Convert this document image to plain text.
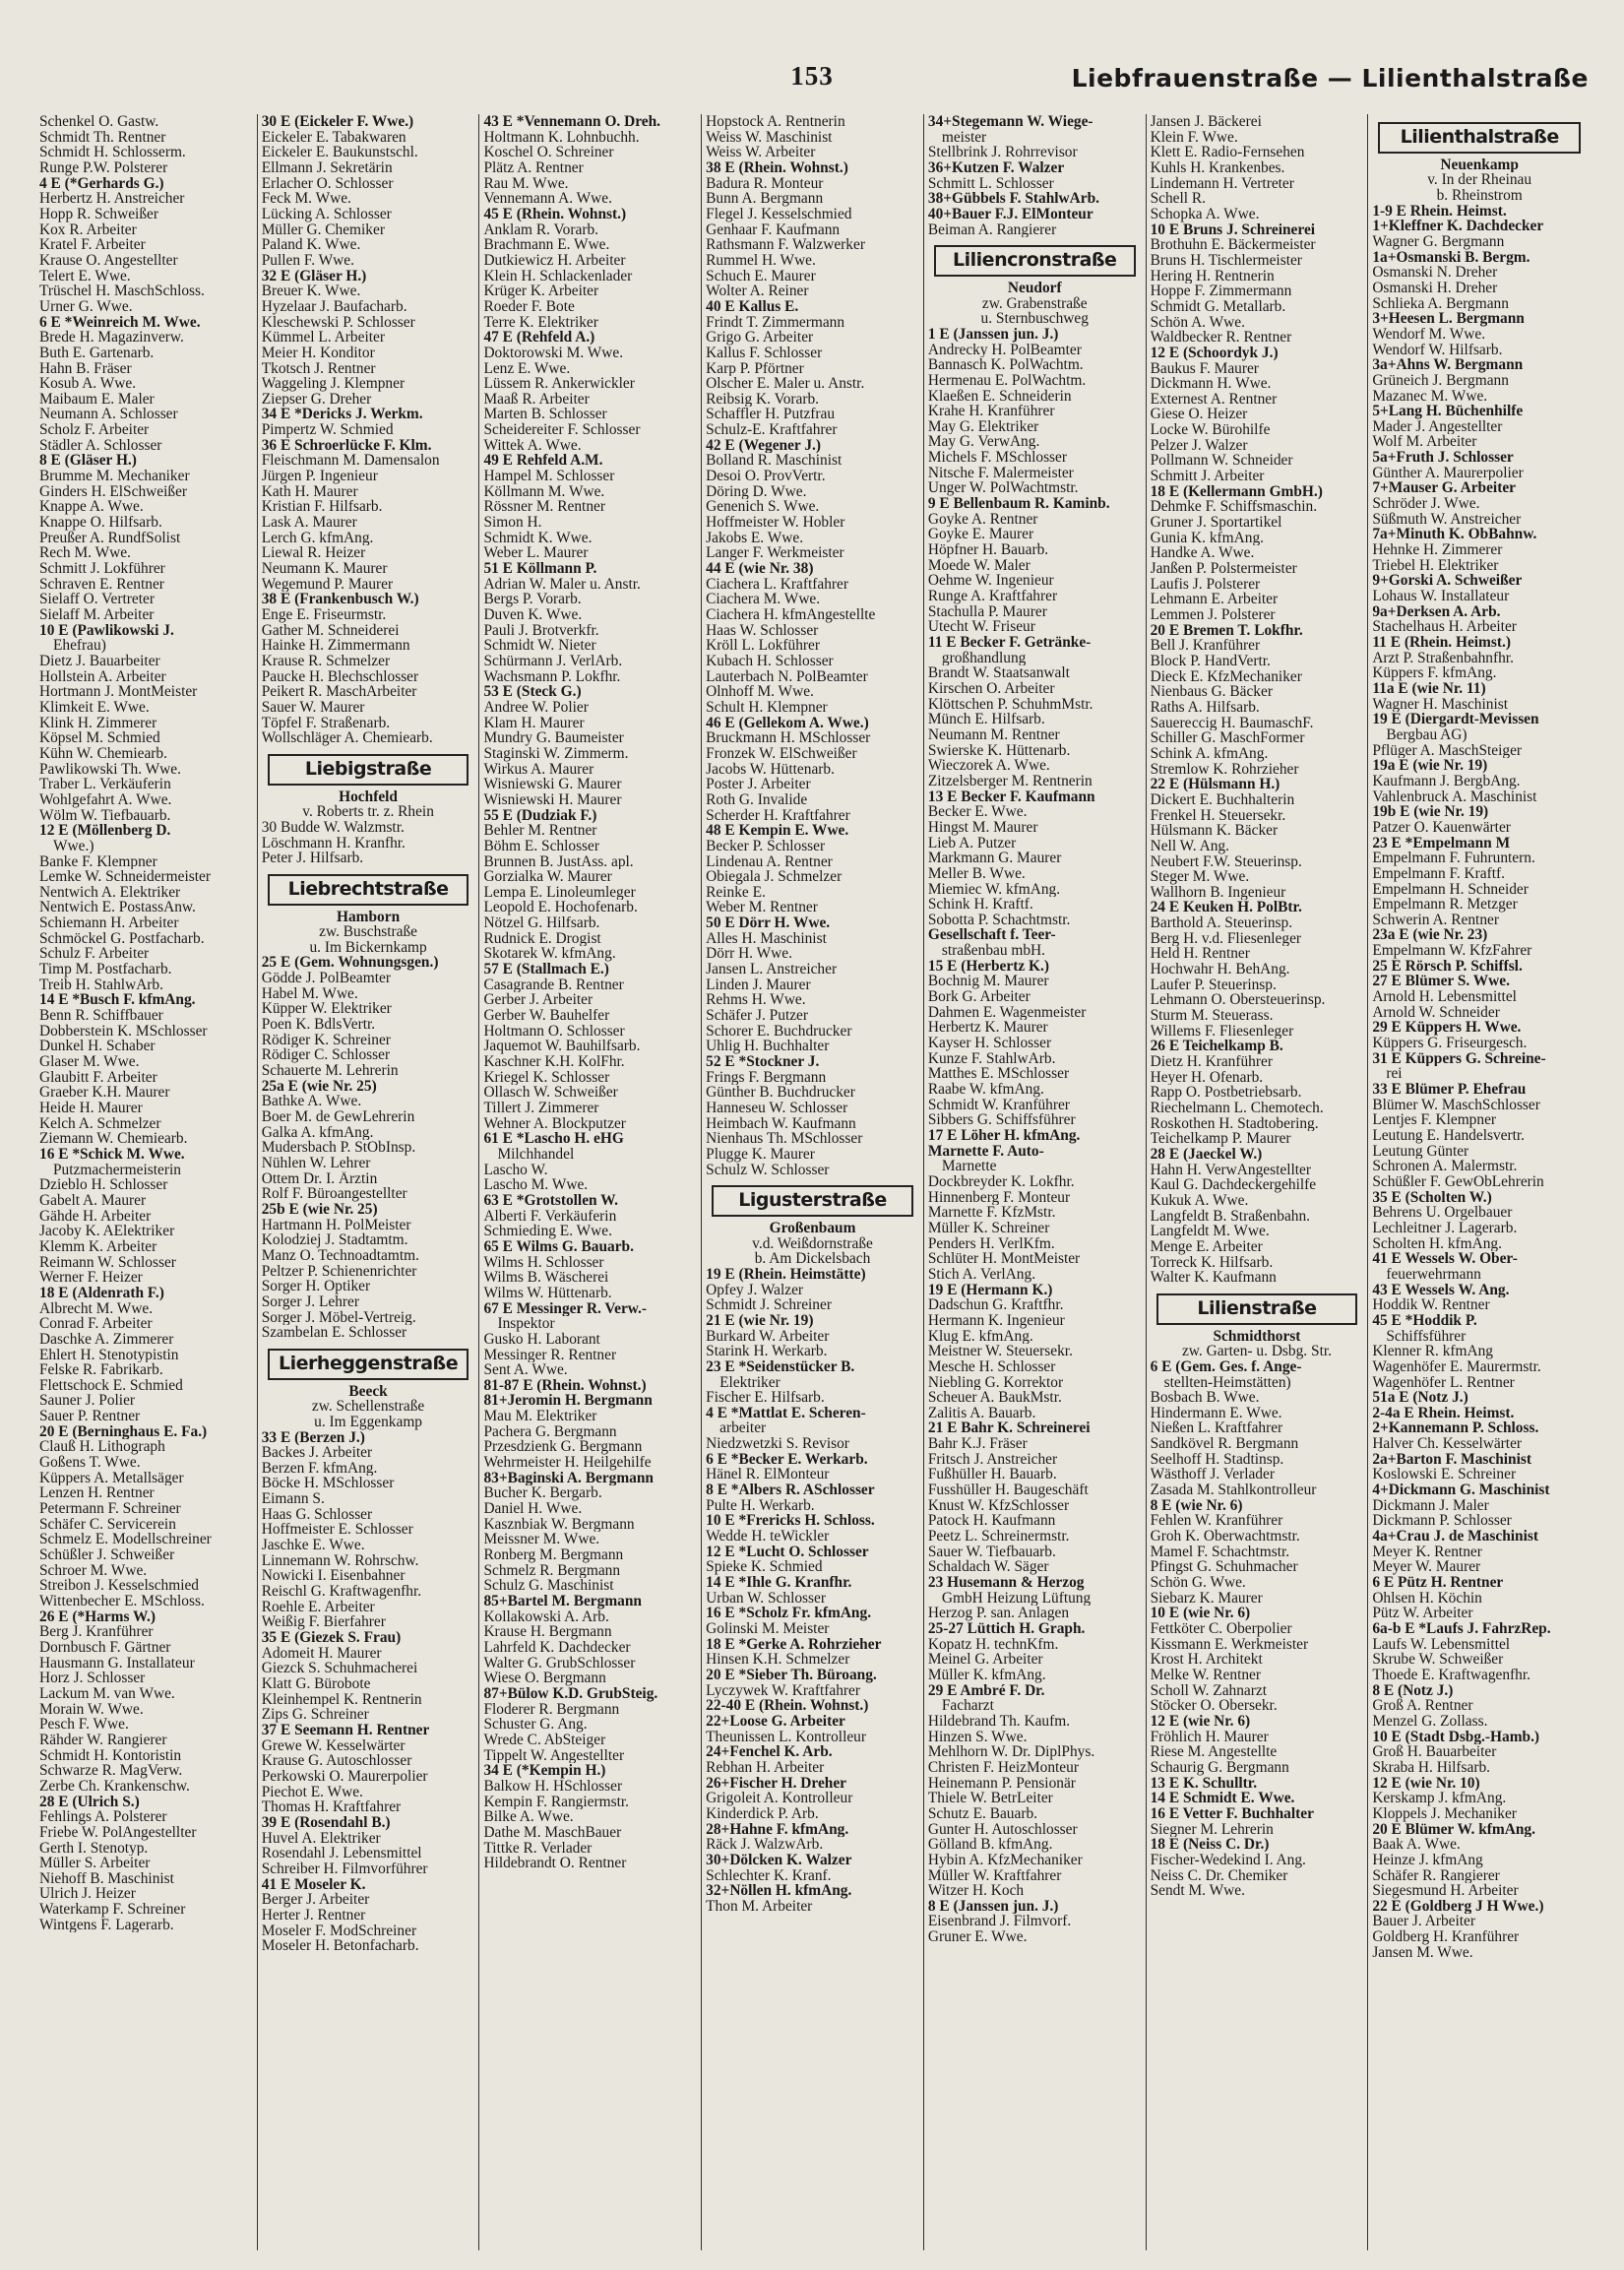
153	Liebfrauenstraße — Lilienthalstraße
Schenkel O. Gastw.
Schmidt Th. Rentner
Schmidt H. Schlosserm.
Runge P.W. Polsterer
4 E (*Gerhards G.)
Herbertz H. Anstreicher
Hopp R. Schweißer
Kox R. Arbeiter
Kratel F. Arbeiter
Krause O. Angestellter
Telert E. Wwe.
Trüschel H. MaschSchloss.
Urner G. Wwe.
6 E *Weinreich M. Wwe.
Brede H. Magazinverw.
Buth E. Gartenarb.
Hahn B. Fräser
Kosub A. Wwe.
Maibaum E. Maler
Neumann A. Schlosser
Scholz F. Arbeiter
Städler A. Schlosser
8 E (Gläser H.)
Brumme M. Mechaniker
Ginders H. ElSchweißer
Knappe A. Wwe.
Knappe O. Hilfsarb.
Preußer A. RundfSolist
Rech M. Wwe.
Schmitt J. Lokführer
Schraven E. Rentner
Sielaff O. Vertreter
Sielaff M. Arbeiter
10 E (Pawlikowski J.
Ehefrau)
Dietz J. Bauarbeiter
Hollstein A. Arbeiter
Hortmann J. MontMeister
Klimkeit E. Wwe.
Klink H. Zimmerer
Köpsel M. Schmied
Kühn W. Chemiearb.
Pawlikowski Th. Wwe.
Traber L. Verkäuferin
Wohlgefahrt A. Wwe.
Wölm W. Tiefbauarb.
12 E (Möllenberg D.
Wwe.)
Banke F. Klempner
Lemke W. Schneidermeister
Nentwich A. Elektriker
Nentwich E. PostassAnw.
Schiemann H. Arbeiter
Schmöckel G. Postfacharb.
Schulz F. Arbeiter
Timp M. Postfacharb.
Treib H. StahlwArb.
14 E *Busch F. kfmAng.
Benn R. Schiffbauer
Dobberstein K. MSchlosser
Dunkel H. Schaber
Glaser M. Wwe.
Glaubitt F. Arbeiter
Graeber K.H. Maurer
Heide H. Maurer
Kelch A. Schmelzer
Ziemann W. Chemiearb.
16 E *Schick M. Wwe.
Putzmachermeisterin
Dzieblo H. Schlosser
Gabelt A. Maurer
Gähde H. Arbeiter
Jacoby K. AElektriker
Klemm K. Arbeiter
Reimann W. Schlosser
Werner F. Heizer
18 E (Aldenrath F.)
Albrecht M. Wwe.
Conrad F. Arbeiter
Daschke A. Zimmerer
Ehlert H. Stenotypistin
Felske R. Fabrikarb.
Flettschock E. Schmied
Sauner J. Polier
Sauer P. Rentner
20 E (Berninghaus E. Fa.)
Clauß H. Lithograph
Goßens T. Wwe.
Küppers A. Metallsäger
Lenzen H. Rentner
Petermann F. Schreiner
Schäfer C. Servicerein
Schmelz E. Modellschreiner
Schüßler J. Schweißer
Schroer M. Wwe.
Streibon J. Kesselschmied
Wittenbecher E. MSchloss.
26 E (*Harms W.)
Berg J. Kranführer
Dornbusch F. Gärtner
Hausmann G. Installateur
Horz J. Schlosser
Lackum M. van Wwe.
Morain W. Wwe.
Pesch F. Wwe.
Rähder W. Rangierer
Schmidt H. Kontoristin
Schwarze R. MagVerw.
Zerbe Ch. Krankenschw.
28 E (Ulrich S.)
Fehlings A. Polsterer
Friebe W. PolAngestellter
Gerth I. Stenotyp.
Müller S. Arbeiter
Niehoff B. Maschinist
Ulrich J. Heizer
Waterkamp F. Schreiner
Wintgens F. Lagerarb.
30 E (Eickeler F. Wwe.)
Eickeler E. Tabakwaren
Eickeler E. Baukunstschl.
Ellmann J. Sekretärin
Erlacher O. Schlosser
Feck M. Wwe.
Lücking A. Schlosser
Müller G. Chemiker
Paland K. Wwe.
Pullen F. Wwe.
32 E (Gläser H.)
Breuer K. Wwe.
Hyzelaar J. Baufacharb.
Kleschewski P. Schlosser
Kümmel L. Arbeiter
Meier H. Konditor
Tkotsch J. Rentner
Waggeling J. Klempner
Ziepser G. Dreher
34 E *Dericks J. Werkm.
Pimpertz W. Schmied
36 E Schroerlücke F. Klm.
Fleischmann M. Damensalon
Jürgen P. Ingenieur
Kath H. Maurer
Kristian F. Hilfsarb.
Lask A. Maurer
Lerch G. kfmAng.
Liewal R. Heizer
Neumann K. Maurer
Wegemund P. Maurer
38 E (Frankenbusch W.)
Enge E. Friseurmstr.
Gather M. Schneiderei
Hainke H. Zimmermann
Krause R. Schmelzer
Paucke H. Blechschlosser
Peikert R. MaschArbeiter
Sauer W. Maurer
Töpfel F. Straßenarb.
Wollschläger A. Chemiearb.
Liebigstraße
Hochfeld
v. Roberts tr. z. Rhein
30 Budde W. Walzmstr.
Löschmann H. Kranfhr.
Peter J. Hilfsarb.
Liebrechtstraße
Hamborn
zw. Buschstraße
u. Im Bickernkamp
25 E (Gem. Wohnungsgen.)
Gödde J. PolBeamter
Habel M. Wwe.
Küpper W. Elektriker
Poen K. BdlsVertr.
Rödiger K. Schreiner
Rödiger C. Schlosser
Schauerte M. Lehrerin
25a E (wie Nr. 25)
Bathke A. Wwe.
Boer M. de GewLehrerin
Galka A. kfmAng.
Mudersbach P. StObInsp.
Nühlen W. Lehrer
Ottem Dr. I. Ärztin
Rolf F. Büroangestellter
25b E (wie Nr. 25)
Hartmann H. PolMeister
Kolodziej J. Stadtamtm.
Manz O. Technoadtamtm.
Peltzer P. Schienenrichter
Sorger H. Optiker
Sorger J. Lehrer
Sorger J. Möbel-Vertreig.
Szambelan E. Schlosser
Lierheggenstraße
Beeck
zw. Schellenstraße
u. Im Eggenkamp
33 E (Berzen J.)
Backes J. Arbeiter
Berzen F. kfmAng.
Böcke H. MSchlosser
Eimann S.
Haas G. Schlosser
Hoffmeister E. Schlosser
Jaschke E. Wwe.
Linnemann W. Rohrschw.
Nowicki I. Eisenbahner
Reischl G. Kraftwagenfhr.
Roehle E. Arbeiter
Weißig F. Bierfahrer
35 E (Giezek S. Frau)
Adomeit H. Maurer
Giezck S. Schuhmacherei
Klatt G. Bürobote
Kleinhempel K. Rentnerin
Zips G. Schreiner
37 E Seemann H. Rentner
Grewe W. Kesselwärter
Krause G. Autoschlosser
Perkowski O. Maurerpolier
Piechot E. Wwe.
Thomas H. Kraftfahrer
39 E (Rosendahl B.)
Huvel A. Elektriker
Rosendahl J. Lebensmittel
Schreiber H. Filmvorführer
41 E Moseler K.
Berger J. Arbeiter
Herter J. Rentner
Moseler F. ModSchreiner
Moseler H. Betonfacharb.
43 E *Vennemann O. Dreh.
Holtmann K. Lohnbuchh.
Koschel O. Schreiner
Plätz A. Rentner
Rau M. Wwe.
Vennemann A. Wwe.
45 E (Rhein. Wohnst.)
Anklam R. Vorarb.
Brachmann E. Wwe.
Dutkiewicz H. Arbeiter
Klein H. Schlackenlader
Krüger K. Arbeiter
Roeder F. Bote
Terre K. Elektriker
47 E (Rehfeld A.)
Doktorowski M. Wwe.
Lenz E. Wwe.
Lüssem R. Ankerwickler
Maaß R. Arbeiter
Marten B. Schlosser
Scheidereiter F. Schlosser
Wittek A. Wwe.
49 E Rehfeld A.M.
Hampel M. Schlosser
Köllmann M. Wwe.
Rössner M. Rentner
Simon H.
Schmidt K. Wwe.
Weber L. Maurer
51 E Köllmann P.
Adrian W. Maler u. Anstr.
Bergs P. Vorarb.
Duven K. Wwe.
Pauli J. Brotverkfr.
Schmidt W. Nieter
Schürmann J. VerlArb.
Wachsmann P. Lokfhr.
53 E (Steck G.)
Andree W. Polier
Klam H. Maurer
Mundry G. Baumeister
Staginski W. Zimmerm.
Wirkus A. Maurer
Wisniewski G. Maurer
Wisniewski H. Maurer
55 E (Dudziak F.)
Behler M. Rentner
Böhm E. Schlosser
Brunnen B. JustAss. apl.
Gorzialka W. Maurer
Lempa E. Linoleumleger
Leopold E. Hochofenarb.
Nötzel G. Hilfsarb.
Rudnick E. Drogist
Skotarek W. kfmAng.
57 E (Stallmach E.)
Casagrande B. Rentner
Gerber J. Arbeiter
Gerber W. Bauhelfer
Holtmann O. Schlosser
Jaquemot W. Bauhilfsarb.
Kaschner K.H. KolFhr.
Kriegel K. Schlosser
Ollasch W. Schweißer
Tillert J. Zimmerer
Wehner A. Blockputzer
61 E *Lascho H. eHG
Milchhandel
Lascho W.
Lascho M. Wwe.
63 E *Grotstollen W.
Alberti F. Verkäuferin
Schmieding E. Wwe.
65 E Wilms G. Bauarb.
Wilms H. Schlosser
Wilms B. Wäscherei
Wilms W. Hüttenarb.
67 E Messinger R. Verw.-
Inspektor
Gusko H. Laborant
Messinger R. Rentner
Sent A. Wwe.
81-87 E (Rhein. Wohnst.)
81+Jeromin H. Bergmann
Mau M. Elektriker
Pachera G. Bergmann
Przesdzienk G. Bergmann
Wehrmeister H. Heilgehilfe
83+Baginski A. Bergmann
Bucher K. Bergarb.
Daniel H. Wwe.
Kasznbiak W. Bergmann
Meissner M. Wwe.
Ronberg M. Bergmann
Schmelz R. Bergmann
Schulz G. Maschinist
85+Bartel M. Bergmann
Kollakowski A. Arb.
Krause H. Bergmann
Lahrfeld K. Dachdecker
Walter G. GrubSchlosser
Wiese O. Bergmann
87+Bülow K.D. GrubSteig.
Floderer R. Bergmann
Schuster G. Ang.
Wrede C. AbSteiger
Tippelt W. Angestellter
34 E (*Kempin H.)
Balkow H. HSchlosser
Kempin F. Rangiermstr.
Bilke A. Wwe.
Dathe M. MaschBauer
Tittke R. Verlader
Hildebrandt O. Rentner
Hopstock A. Rentnerin
Weiss W. Maschinist
Weiss W. Arbeiter
38 E (Rhein. Wohnst.)
Badura R. Monteur
Bunn A. Bergmann
Flegel J. Kesselschmied
Genhaar F. Kaufmann
Rathsmann F. Walzwerker
Rummel H. Wwe.
Schuch E. Maurer
Wolter A. Reiner
40 E Kallus E.
Frindt T. Zimmermann
Grigo G. Arbeiter
Kallus F. Schlosser
Karp P. Pförtner
Olscher E. Maler u. Anstr.
Reibsig K. Vorarb.
Schaffler H. Putzfrau
Schulz-E. Kraftfahrer
42 E (Wegener J.)
Bolland R. Maschinist
Desoi O. ProvVertr.
Döring D. Wwe.
Genenich S. Wwe.
Hoffmeister W. Hobler
Jakobs E. Wwe.
Langer F. Werkmeister
44 E (wie Nr. 38)
Ciachera L. Kraftfahrer
Ciachera M. Wwe.
Ciachera H. kfmAngestellte
Haas W. Schlosser
Kröll L. Lokführer
Kubach H. Schlosser
Lauterbach N. PolBeamter
Olnhoff M. Wwe.
Schult H. Klempner
46 E (Gellekom A. Wwe.)
Bruckmann H. MSchlosser
Fronzek W. ElSchweißer
Jacobs W. Hüttenarb.
Poster J. Arbeiter
Roth G. Invalide
Scherder H. Kraftfahrer
48 E Kempin E. Wwe.
Becker P. Schlosser
Lindenau A. Rentner
Obiegala J. Schmelzer
Reinke E.
Weber M. Rentner
50 E Dörr H. Wwe.
Alles H. Maschinist
Dörr H. Wwe.
Jansen L. Anstreicher
Linden J. Maurer
Rehms H. Wwe.
Schäfer J. Putzer
Schorer E. Buchdrucker
Uhlig H. Buchhalter
52 E *Stockner J.
Frings F. Bergmann
Günther B. Buchdrucker
Hanneseu W. Schlosser
Heimbach W. Kaufmann
Nienhaus Th. MSchlosser
Plugge K. Maurer
Schulz W. Schlosser
Ligusterstraße
Großenbaum
v.d. Weißdornstraße
b. Am Dickelsbach
19 E (Rhein. Heimstätte)
Opfey J. Walzer
Schmidt J. Schreiner
21 E (wie Nr. 19)
Burkard W. Arbeiter
Starink H. Werkarb.
23 E *Seidenstücker B.
Elektriker
Fischer E. Hilfsarb.
4 E *Mattlat E. Scheren-
arbeiter
Niedzwetzki S. Revisor
6 E *Becker E. Werkarb.
Hänel R. ElMonteur
8 E *Albers R. ASchlosser
Pulte H. Werkarb.
10 E *Frericks H. Schloss.
Wedde H. teWickler
12 E *Lucht O. Schlosser
Spieke K. Schmied
14 E *Ihle G. Kranfhr.
Urban W. Schlosser
16 E *Scholz Fr. kfmAng.
Golinski M. Meister
18 E *Gerke A. Rohrzieher
Hinsen K.H. Schmelzer
20 E *Sieber Th. Büroang.
Lyczywek W. Kraftfahrer
22-40 E (Rhein. Wohnst.)
22+Loose G. Arbeiter
Theunissen L. Kontrolleur
24+Fenchel K. Arb.
Rebhan H. Arbeiter
26+Fischer H. Dreher
Grigoleit A. Kontrolleur
Kinderdick P. Arb.
28+Hahne F. kfmAng.
Räck J. WalzwArb.
30+Dölcken K. Walzer
Schlechter K. Kranf.
32+Nöllen H. kfmAng.
Thon M. Arbeiter
34+Stegemann W. Wiege-
meister
Stellbrink J. Rohrrevisor
36+Kutzen F. Walzer
Schmitt L. Schlosser
38+Gübbels F. StahlwArb.
40+Bauer F.J. ElMonteur
Beiman A. Rangierer
Liliencronstraße
Neudorf
zw. Grabenstraße
u. Sternbuschweg
1 E (Janssen jun. J.)
Andrecky H. PolBeamter
Bannasch K. PolWachtm.
Hermenau E. PolWachtm.
Klaeßen E. Schneiderin
Krahe H. Kranführer
May G. Elektriker
May G. VerwAng.
Michels F. MSchlosser
Nitsche F. Malermeister
Unger W. PolWachtmstr.
9 E Bellenbaum R. Kaminb.
Goyke A. Rentner
Goyke E. Maurer
Höpfner H. Bauarb.
Moede W. Maler
Oehme W. Ingenieur
Runge A. Kraftfahrer
Stachulla P. Maurer
Utecht W. Friseur
11 E Becker F. Getränke-
großhandlung
Brandt W. Staatsanwalt
Kirschen O. Arbeiter
Klöttschen P. SchuhmMstr.
Münch E. Hilfsarb.
Neumann M. Rentner
Swierske K. Hüttenarb.
Wieczorek A. Wwe.
Zitzelsberger M. Rentnerin
13 E Becker F. Kaufmann
Becker E. Wwe.
Hingst M. Maurer
Lieb A. Putzer
Markmann G. Maurer
Meller B. Wwe.
Miemiec W. kfmAng.
Schink H. Kraftf.
Sobotta P. Schachtmstr.
Gesellschaft f. Teer-
straßenbau mbH.
15 E (Herbertz K.)
Bochnig M. Maurer
Bork G. Arbeiter
Dahmen E. Wagenmeister
Herbertz K. Maurer
Kayser H. Schlosser
Kunze F. StahlwArb.
Matthes E. MSchlosser
Raabe W. kfmAng.
Schmidt W. Kranführer
Sibbers G. Schiffsführer
17 E Löher H. kfmAng.
Marnette F. Auto-
Marnette
Dockbreyder K. Lokfhr.
Hinnenberg F. Monteur
Marnette F. KfzMstr.
Müller K. Schreiner
Penders H. VerlKfm.
Schlüter H. MontMeister
Stich A. VerlAng.
19 E (Hermann K.)
Dadschun G. Kraftfhr.
Hermann K. Ingenieur
Klug E. kfmAng.
Meistner W. Steuersekr.
Mesche H. Schlosser
Niebling G. Korrektor
Scheuer A. BaukMstr.
Zalitis A. Bauarb.
21 E Bahr K. Schreinerei
Bahr K.J. Fräser
Fritsch J. Anstreicher
Fußhüller H. Bauarb.
Fusshüller H. Baugeschäft
Knust W. KfzSchlosser
Patock H. Kaufmann
Peetz L. Schreinermstr.
Sauer W. Tiefbauarb.
Schaldach W. Säger
23 Husemann & Herzog
GmbH Heizung Lüftung
Herzog P. san. Anlagen
25-27 Lüttich H. Graph.
Kopatz H. technKfm.
Meinel G. Arbeiter
Müller K. kfmAng.
29 E Ambré F. Dr.
Facharzt
Hildebrand Th. Kaufm.
Hinzen S. Wwe.
Mehlhorn W. Dr. DiplPhys.
Christen F. HeizMonteur
Heinemann P. Pensionär
Thiele W. BetrLeiter
Schutz E. Bauarb.
Gunter H. Autoschlosser
Gölland B. kfmAng.
Hybin A. KfzMechaniker
Müller W. Kraftfahrer
Witzer H. Koch
8 E (Janssen jun. J.)
Eisenbrand J. Filmvorf.
Gruner E. Wwe.
Jansen J. Bäckerei
Klein F. Wwe.
Klett E. Radio-Fernsehen
Kuhls H. Krankenbes.
Lindemann H. Vertreter
Schell R.
Schopka A. Wwe.
10 E Bruns J. Schreinerei
Brothuhn E. Bäckermeister
Bruns H. Tischlermeister
Hering H. Rentnerin
Hoppe F. Zimmermann
Schmidt G. Metallarb.
Schön A. Wwe.
Waldbecker R. Rentner
12 E (Schoordyk J.)
Baukus F. Maurer
Dickmann H. Wwe.
Externest A. Rentner
Giese O. Heizer
Locke W. Bürohilfe
Pelzer J. Walzer
Pollmann W. Schneider
Schmitt J. Arbeiter
18 E (Kellermann GmbH.)
Dehmke F. Schiffsmaschin.
Gruner J. Sportartikel
Gunia K. kfmAng.
Handke A. Wwe.
Janßen P. Polstermeister
Laufis J. Polsterer
Lehmann E. Arbeiter
Lemmen J. Polsterer
20 E Bremen T. Lokfhr.
Bell J. Kranführer
Block P. HandVertr.
Dieck E. KfzMechaniker
Nienbaus G. Bäcker
Raths A. Hilfsarb.
Sauerессig H. BaumaschF.
Schiller G. MaschFormer
Schink A. kfmAng.
Stremlow K. Rohrzieher
22 E (Hülsmann H.)
Dickert E. Buchhalterin
Frenkel H. Steuersekr.
Hülsmann K. Bäcker
Nell W. Ang.
Neubert F.W. Steuerinsp.
Steger M. Wwe.
Wallhorn B. Ingenieur
24 E Keuken H. PolBtr.
Barthold A. Steuerinsp.
Berg H. v.d. Fliesenleger
Held H. Rentner
Hochwahr H. BehAng.
Laufer P. Steuerinsp.
Lehmann O. Obersteuerinsp.
Sturm M. Steuerass.
Willems F. Fliesenleger
26 E Teichelkamp B.
Dietz H. Kranführer
Heyer H. Ofenarb.
Rapp O. Postbetriebsarb.
Riechelmann L. Chemotech.
Roskothen H. Stadtobering.
Teichelkamp P. Maurer
28 E (Jaeckel W.)
Hahn H. VerwAngestellter
Kaul G. Dachdeckergehilfe
Kukuk A. Wwe.
Langfeldt B. Straßenbahn.
Langfeldt M. Wwe.
Menge E. Arbeiter
Torreck K. Hilfsarb.
Walter K. Kaufmann
Lilienstraße
Schmidthorst
zw. Garten- u. Dsbg. Str.
6 E (Gem. Ges. f. Ange-
stellten-Heimstätten)
Bosbach B. Wwe.
Hindermann E. Wwe.
Nießen L. Kraftfahrer
Sandkövel R. Bergmann
Seelhoff H. Stadtinsp.
Wästhoff J. Verlader
Zasada M. Stahlkontrolleur
8 E (wie Nr. 6)
Fehlen W. Kranführer
Groh K. Oberwachtmstr.
Mamel F. Schachtmstr.
Pfingst G. Schuhmacher
Schön G. Wwe.
Siebarz K. Maurer
10 E (wie Nr. 6)
Fettköter C. Oberpolier
Kissmann E. Werkmeister
Krost H. Architekt
Melke W. Rentner
Scholl W. Zahnarzt
Stöcker O. Obersekr.
12 E (wie Nr. 6)
Fröhlich H. Maurer
Riese M. Angestellte
Schaurig G. Bergmann
13 E K. Schulltr.
14 E Schmidt E. Wwe.
16 E Vetter F. Buchhalter
Siegner M. Lehrerin
18 E (Neiss C. Dr.)
Fischer-Wedekind I. Ang.
Neiss C. Dr. Chemiker
Sendt M. Wwe.
Lilienthalstraße
Neuenkamp
v. In der Rheinau
b. Rheinstrom
1-9 E Rhein. Heimst.
1+Kleffner K. Dachdecker
Wagner G. Bergmann
1a+Osmanski B. Bergm.
Osmanski N. Dreher
Osmanski H. Dreher
Schlieka A. Bergmann
3+Heesen L. Bergmann
Wendorf M. Wwe.
Wendorf W. Hilfsarb.
3a+Ahns W. Bergmann
Grüneich J. Bergmann
Mazanec M. Wwe.
5+Lang H. Büchenhilfe
Mader J. Angestellter
Wolf M. Arbeiter
5a+Fruth J. Schlosser
Günther A. Maurerpolier
7+Mauser G. Arbeiter
Schröder J. Wwe.
Süßmuth W. Anstreicher
7a+Minuth K. ObBahnw.
Hehnke H. Zimmerer
Triebel H. Elektriker
9+Gorski A. Schweißer
Lohaus W. Installateur
9a+Derksen A. Arb.
Stachelhaus H. Arbeiter
11 E (Rhein. Heimst.)
Arzt P. Straßenbahnfhr.
Küppers F. kfmAng.
11a E (wie Nr. 11)
Wagner H. Maschinist
19 E (Diergardt-Mevissen
Bergbau AG)
Pflüger A. MaschSteiger
19a E (wie Nr. 19)
Kaufmann J. BergbAng.
Vahlenbruck A. Maschinist
19b E (wie Nr. 19)
Patzer O. Kauenwärter
23 E *Empelmann M
Empelmann F. Fuhruntern.
Empelmann F. Kraftf.
Empelmann H. Schneider
Empelmann R. Metzger
Schwerin A. Rentner
23a E (wie Nr. 23)
Empelmann W. KfzFahrer
25 E Rörsch P. Schiffsl.
27 E Blümer S. Wwe.
Arnold H. Lebensmittel
Arnold W. Schneider
29 E Küppers H. Wwe.
Küppers G. Friseurgesch.
31 E Küppers G. Schreine-
rei
33 E Blümer P. Ehefrau
Blümer W. MaschSchlosser
Lentjes F. Klempner
Leutung E. Handelsvertr.
Leutung Günter
Schronen A. Malermstr.
Schüßler F. GewObLehrerin
35 E (Scholten W.)
Behrens U. Orgelbauer
Lechleitner J. Lagerarb.
Scholten H. kfmAng.
41 E Wessels W. Ober-
feuerwehrmann
43 E Wessels W. Ang.
Hoddik W. Rentner
45 E *Hoddik P.
Schiffsführer
Klenner R. kfmAng
Wagenhöfer E. Maurermstr.
Wagenhöfer L. Rentner
51a E (Notz J.)
2-4a E Rhein. Heimst.
2+Kannemann P. Schloss.
Halver Ch. Kesselwärter
2a+Barton F. Maschinist
Koslowski E. Schreiner
4+Dickmann G. Maschinist
Dickmann J. Maler
Dickmann P. Schlosser
4a+Crau J. de Maschinist
Meyer K. Rentner
Meyer W. Maurer
6 E Pütz H. Rentner
Ohlsen H. Köchin
Pütz W. Arbeiter
6a-b E *Laufs J. FahrzRep.
Laufs W. Lebensmittel
Skrube W. Schweißer
Thoede E. Kraftwagenfhr.
8 E (Notz J.)
Groß A. Rentner
Menzel G. Zollass.
10 E (Stadt Dsbg.-Hamb.)
Groß H. Bauarbeiter
Skraba H. Hilfsarb.
12 E (wie Nr. 10)
Kerskamp J. kfmAng.
Kloppels J. Mechaniker
20 E Blümer W. kfmAng.
Baak A. Wwe.
Heinze J. kfmAng
Schäfer R. Rangierer
Siegesmund H. Arbeiter
22 E (Goldberg J H Wwe.)
Bauer J. Arbeiter
Goldberg H. Kranführer
Jansen M. Wwe.
